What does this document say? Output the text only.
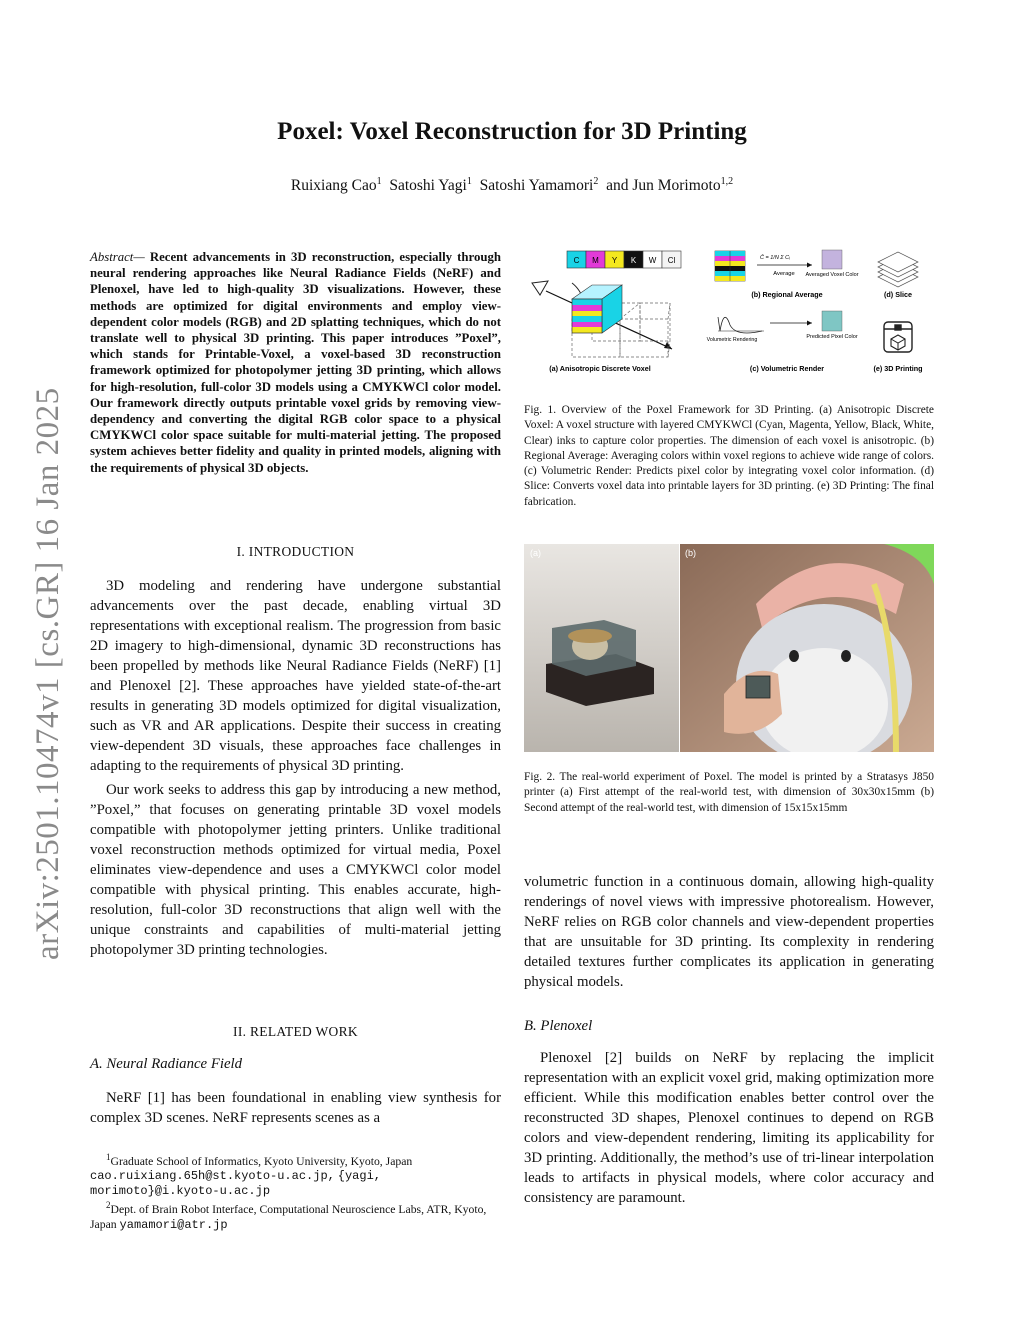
arXiv:2501.10474v1 [cs.GR] 16 Jan 2025
Poxel: Voxel Reconstruction for 3D Printing
Ruixiang Cao$^1$ Satoshi Yagi$^1$ Satoshi Yamamori$^2$ and Jun Morimoto$^{1,2}$
Abstract— Recent advancements in 3D reconstruction, especially through neural rendering approaches like Neural Radiance Fields (NeRF) and Plenoxel, have led to high-quality 3D visualizations. However, these methods are optimized for digital environments and employ view-dependent color models (RGB) and 2D splatting techniques, which do not translate well to physical 3D printing. This paper introduces ”Poxel”, which stands for Printable-Voxel, a voxel-based 3D reconstruction framework optimized for photopolymer jetting 3D printing, which allows for high-resolution, full-color 3D models using a CMYKWCl color model. Our framework directly outputs printable voxel grids by removing view-dependency and converting the digital RGB color space to a physical CMYKWCl color space suitable for multi-material jetting. The proposed system achieves better fidelity and quality in printed models, aligning with the requirements of physical 3D objects.
I. INTRODUCTION

3D modeling and rendering have undergone substantial advancements over the past decade, enabling virtual 3D representations with exceptional realism. The progression from basic 2D imagery to high-dimensional, dynamic 3D reconstructions has been propelled by methods like Neural Radiance Fields (NeRF) [1] and Plenoxel [2]. These approaches have yielded state-of-the-art results in generating 3D models optimized for digital visualization, such as VR and AR applications. Despite their success in creating view-dependent 3D visuals, these approaches face challenges in adapting to the requirements of physical 3D printing.

Our work seeks to address this gap by introducing a new method, ”Poxel,” that focuses on generating printable 3D voxel models compatible with photopolymer jetting printers. Unlike traditional voxel reconstruction methods optimized for virtual media, Poxel eliminates view-dependence and uses a CMYKWCl color model compatible with physical printing. This enables accurate, high-resolution, full-color 3D reconstructions that align well with the unique constraints and capabilities of multi-material jetting photopolymer 3D printing technologies.

II. RELATED WORK
A. Neural Radiance Field

NeRF [1] has been foundational in enabling view synthesis for complex 3D scenes. NeRF represents scenes as a

$^1$Graduate School of Informatics, Kyoto University, Kyoto, Japan
cao.ruixiang.65h@st.kyoto-u.ac.jp, {yagi,
morimoto}@i.kyoto-u.ac.jp
$^2$Dept. of Brain Robot Interface, Computational Neuroscience Labs, ATR, Kyoto, Japan yamamori@atr.jp
C M Y K W Cl
(a) Anisotropic Discrete Voxel
Ĉ = 1/N Σ Cᵢ
Average Averaged Voxel Color
(b) Regional Average
Volumetric Rendering	Predicted Pixel Color
(c) Volumetric Render
(d) Slice
(e) 3D Printing
Fig. 1. Overview of the Poxel Framework for 3D Printing. (a) Anisotropic Discrete Voxel: A voxel structure with layered CMYKWCl (Cyan, Magenta, Yellow, Black, White, Clear) inks to capture color properties. The dimension of each voxel is anisotropic. (b) Regional Average: Averaging colors within voxel regions to achieve wide range of colors. (c) Volumetric Render: Predicts pixel color by integrating voxel color information. (d) Slice: Converts voxel data into printable layers for 3D printing. (e) 3D Printing: The final fabrication.
(a)	(b)
Fig. 2. The real-world experiment of Poxel. The model is printed by a Stratasys J850 printer (a) First attempt of the real-world test, with dimension of 30x30x15mm (b) Second attempt of the real-world test, with dimension of 15x15x15mm
volumetric function in a continuous domain, allowing high-quality renderings of novel views with impressive photorealism. However, NeRF relies on RGB color channels and view-dependent properties that are unsuitable for 3D printing. Its complexity in rendering detailed textures further complicates its application in generating physical models.
B. Plenoxel

Plenoxel [2] builds on NeRF by replacing the implicit representation with an explicit voxel grid, making optimization more efficient. While this modification enables better control over the reconstructed 3D shapes, Plenoxel continues to depend on RGB colors and view-dependent rendering, limiting its applicability for 3D printing. Additionally, the method’s use of tri-linear interpolation leads to artifacts in physical models, where color accuracy and consistency are paramount.
